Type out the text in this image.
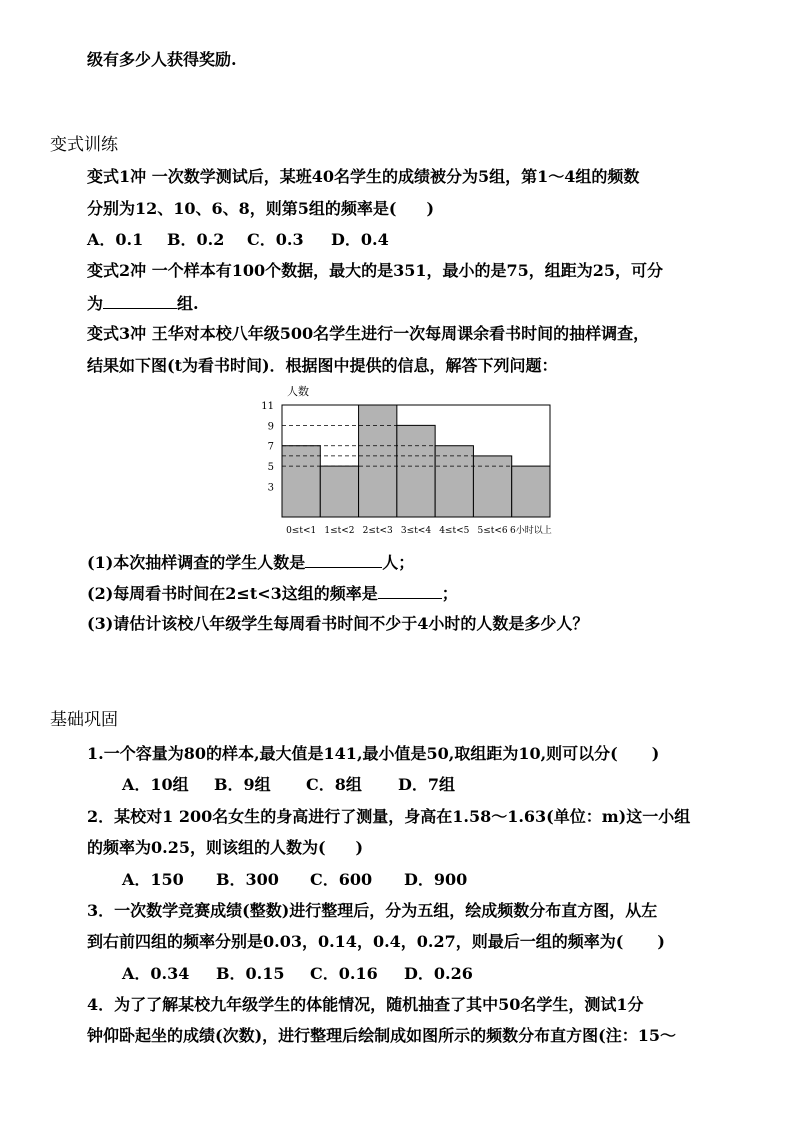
级有多少人获得奖励.
变式训练
变式1冲 一次数学测试后，某班40名学生的成绩被分为5组，第1～4组的频数
分别为12、10、6、8，则第5组的频率是( )
A．0.1 B．0.2 C．0.3 D．0.4
变式2冲 一个样本有100个数据，最大的是351，最小的是75，组距为25，可分
为	组.
变式3冲 王华对本校八年级500名学生进行一次每周课余看书时间的抽样调查，
结果如下图(t为看书时间)．根据图中提供的信息，解答下列问题：
3
5
7
9
11
人数
0≤t<1 1≤t<2 2≤t<3 3≤t<4 4≤t<5 5≤t<6 6小时以上
(1)本次抽样调查的学生人数是	人；
(2)每周看书时间在2≤t<3这组的频率是	；
(3)请估计该校八年级学生每周看书时间不少于4小时的人数是多少人？
基础巩固
1.一个容量为80的样本,最大值是141,最小值是50,取组距为10,则可以分( )
A．10组 B．9组 C．8组 D．7组
2．某校对1 200名女生的身高进行了测量，身高在1.58～1.63(单位：m)这一小组
的频率为0.25，则该组的人数为( )
A．150 B．300 C．600 D．900
3．一次数学竞赛成绩(整数)进行整理后，分为五组，绘成频数分布直方图，从左
到右前四组的频率分别是0.03，0.14，0.4，0.27，则最后一组的频率为( )
A．0.34 B．0.15 C．0.16 D．0.26
4．为了了解某校九年级学生的体能情况，随机抽查了其中50名学生，测试1分
钟仰卧起坐的成绩(次数)，进行整理后绘制成如图所示的频数分布直方图(注：15～
